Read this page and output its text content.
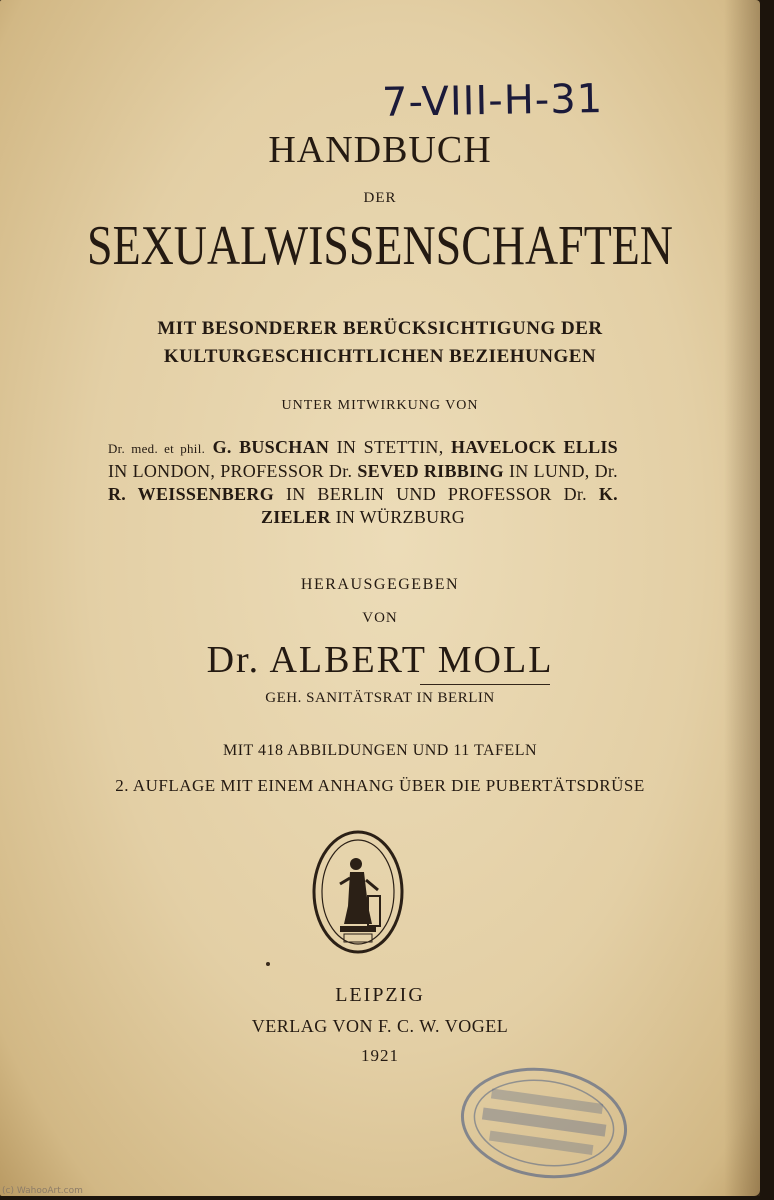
7-VIII-H-31
HANDBUCH
DER
SEXUALWISSENSCHAFTEN
MIT BESONDERER BERÜCKSICHTIGUNG DER
KULTURGESCHICHTLICHEN BEZIEHUNGEN
UNTER MITWIRKUNG VON
Dr. med. et phil. G. BUSCHAN IN STETTIN, HAVELOCK ELLIS IN LONDON, PROFESSOR Dr. SEVED RIBBING IN LUND, Dr. R. WEISSENBERG IN BERLIN UND PROFESSOR Dr. K. ZIELER IN WÜRZBURG
HERAUSGEGEBEN
VON
Dr. ALBERT MOLL
GEH. SANITÄTSRAT IN BERLIN
MIT 418 ABBILDUNGEN UND 11 TAFELN
2. AUFLAGE MIT EINEM ANHANG ÜBER DIE PUBERTÄTSDRÜSE
LEIPZIG
VERLAG VON F. C. W. VOGEL
1921
(c) WahooArt.com
